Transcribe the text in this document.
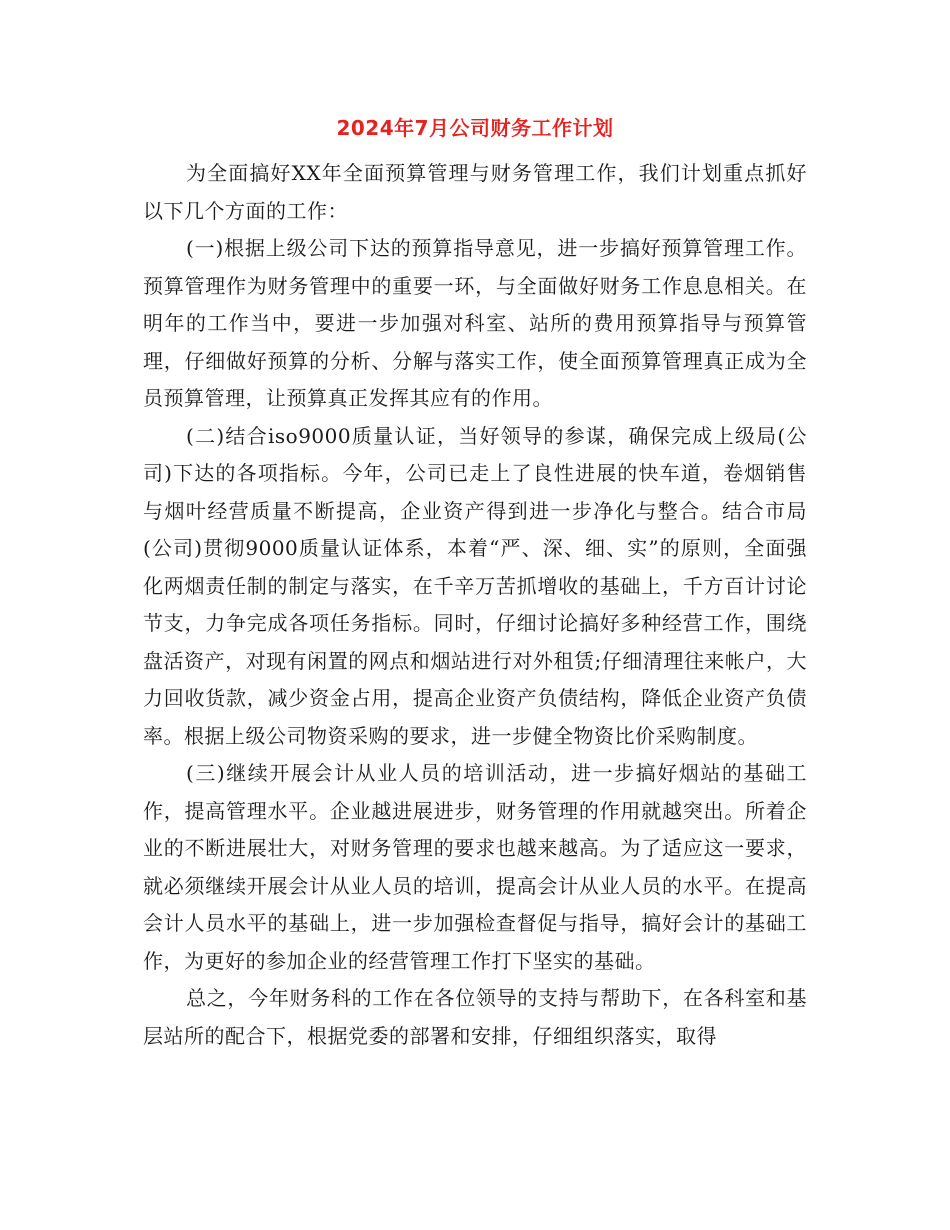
2024年7月公司财务工作计划

为全面搞好XX年全面预算管理与财务管理工作，我们计划重点抓好以下几个方面的工作：

(一)根据上级公司下达的预算指导意见，进一步搞好预算管理工作。预算管理作为财务管理中的重要一环，与全面做好财务工作息息相关。在明年的工作当中，要进一步加强对科室、站所的费用预算指导与预算管理，仔细做好预算的分析、分解与落实工作，使全面预算管理真正成为全员预算管理，让预算真正发挥其应有的作用。

(二)结合iso9000质量认证，当好领导的参谋，确保完成上级局(公司)下达的各项指标。今年，公司已走上了良性进展的快车道，卷烟销售与烟叶经营质量不断提高，企业资产得到进一步净化与整合。结合市局(公司)贯彻9000质量认证体系，本着“严、深、细、实”的原则，全面强化两烟责任制的制定与落实，在千辛万苦抓增收的基础上，千方百计讨论节支，力争完成各项任务指标。同时，仔细讨论搞好多种经营工作，围绕盘活资产，对现有闲置的网点和烟站进行对外租赁;仔细清理往来帐户，大力回收货款，减少资金占用，提高企业资产负债结构，降低企业资产负债率。根据上级公司物资采购的要求，进一步健全物资比价采购制度。

(三)继续开展会计从业人员的培训活动，进一步搞好烟站的基础工作，提高管理水平。企业越进展进步，财务管理的作用就越突出。所着企业的不断进展壮大，对财务管理的要求也越来越高。为了适应这一要求，就必须继续开展会计从业人员的培训，提高会计从业人员的水平。在提高会计人员水平的基础上，进一步加强检查督促与指导，搞好会计的基础工作，为更好的参加企业的经营管理工作打下坚实的基础。

总之，今年财务科的工作在各位领导的支持与帮助下，在各科室和基层站所的配合下，根据党委的部署和安排，仔细组织落实，取得
